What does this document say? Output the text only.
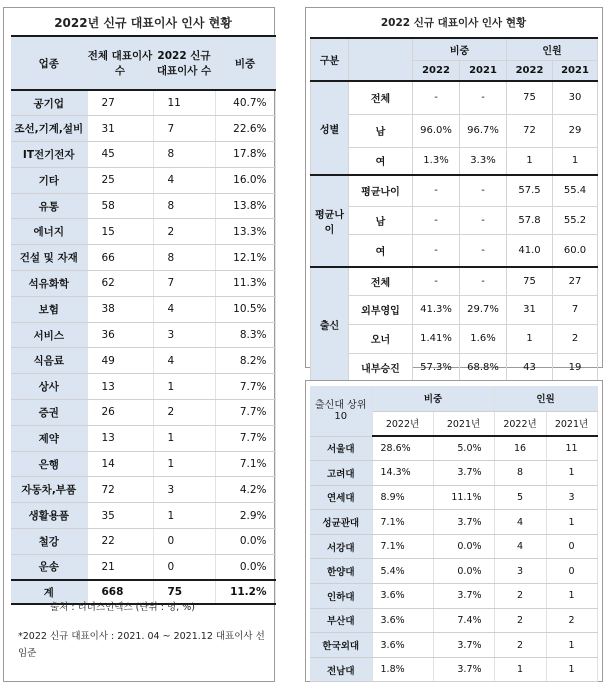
2022년 신규 대표이사 인사 현황
업종	전체 대표이사 수	2022 신규 대표이사 수	비중
공기업	27	11	40.7%
조선,기계,설비	31	7	22.6%
IT전기전자	45	8	17.8%
기타	25	4	16.0%
유통	58	8	13.8%
에너지	15	2	13.3%
건설 및 자재	66	8	12.1%
석유화학	62	7	11.3%
보험	38	4	10.5%
서비스	36	3	8.3%
식음료	49	4	8.2%
상사	13	1	7.7%
증권	26	2	7.7%
제약	13	1	7.7%
은행	14	1	7.1%
자동차,부품	72	3	4.2%
생활용품	35	1	2.9%
철강	22	0	0.0%
운송	21	0	0.0%
계	668	75	11.2%
출처 : 리더스인덱스 (단위 : 명, %)
*2022 신규 대표이사 : 2021. 04 ~ 2021.12 대표이사 선임준
2022 신규 대표이사 인사 현황
구분		비중		인원	
		2022	2021	2022	2021
성별	전체	-	-	75	30
	남	96.0%	96.7%	72	29
	여	1.3%	3.3%	1	1
평균나이	평균나이	-	-	57.5	55.4
	남	-	-	57.8	55.2
	여	-	-	41.0	60.0
출신	전체	-	-	75	27
	외부영입	41.3%	29.7%	31	7
	오너	1.41%	1.6%	1	2
	내부승진	57.3%	68.8%	43	19
출신대 상위 10	비중		인원	
	2022년	2021년	2022년	2021년
서울대	28.6%	5.0%	16	11
고려대	14.3%	3.7%	8	1
연세대	8.9%	11.1%	5	3
성균관대	7.1%	3.7%	4	1
서강대	7.1%	0.0%	4	0
한양대	5.4%	0.0%	3	0
인하대	3.6%	3.7%	2	1
부산대	3.6%	7.4%	2	2
한국외대	3.6%	3.7%	2	1
전남대	1.8%	3.7%	1	1
